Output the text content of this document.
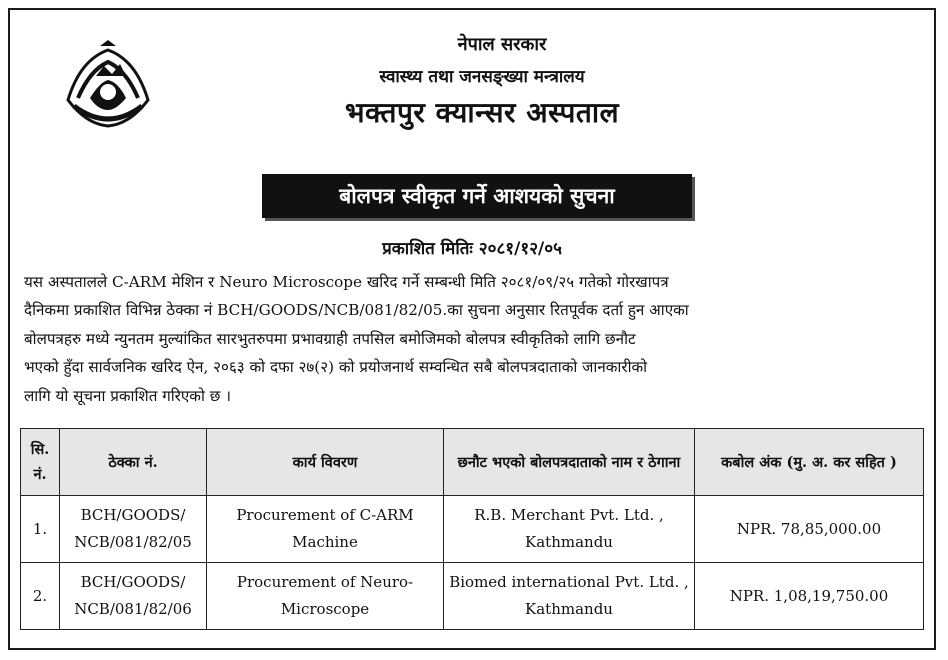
नेपाल सरकार
स्वास्थ्य तथा जनसङ्ख्या मन्त्रालय
भक्तपुर क्यान्सर अस्पताल
बोलपत्र स्वीकृत गर्ने आशयको सुचना
प्रकाशित मितिः २०८१/१२/०५
यस अस्पतालले C-ARM मेशिन र Neuro Microscope खरिद गर्ने सम्बन्धी मिति २०८१/०९/२५ गतेको गोरखापत्र
दैनिकमा प्रकाशित विभिन्न ठेक्का नं BCH/GOODS/NCB/081/82/05.का सुचना अनुसार रितपूर्वक दर्ता हुन आएका
बोलपत्रहरु मध्ये न्युनतम मुल्यांकित सारभुतरुपमा प्रभावग्राही तपसिल बमोजिमको बोलपत्र स्वीकृतिको लागि छनौट
भएको हुँदा सार्वजनिक खरिद ऐन, २०६३ को दफा २७(२) को प्रयोजनार्थ सम्वन्धित सबै बोलपत्रदाताको जानकारीको
लागि यो सूचना प्रकाशित गरिएको छ ।
सि. नं.	ठेक्का नं.	कार्य विवरण	छनौट भएको बोलपत्रदाताको नाम र ठेगाना	कबोल अंक (मु. अ. कर सहित )
1.	BCH/GOODS/ NCB/081/82/05	Procurement of C-ARM Machine	R.B. Merchant Pvt. Ltd. , Kathmandu	NPR. 78,85,000.00
2.	BCH/GOODS/ NCB/081/82/06	Procurement of Neuro-Microscope	Biomed international Pvt. Ltd. , Kathmandu	NPR. 1,08,19,750.00
